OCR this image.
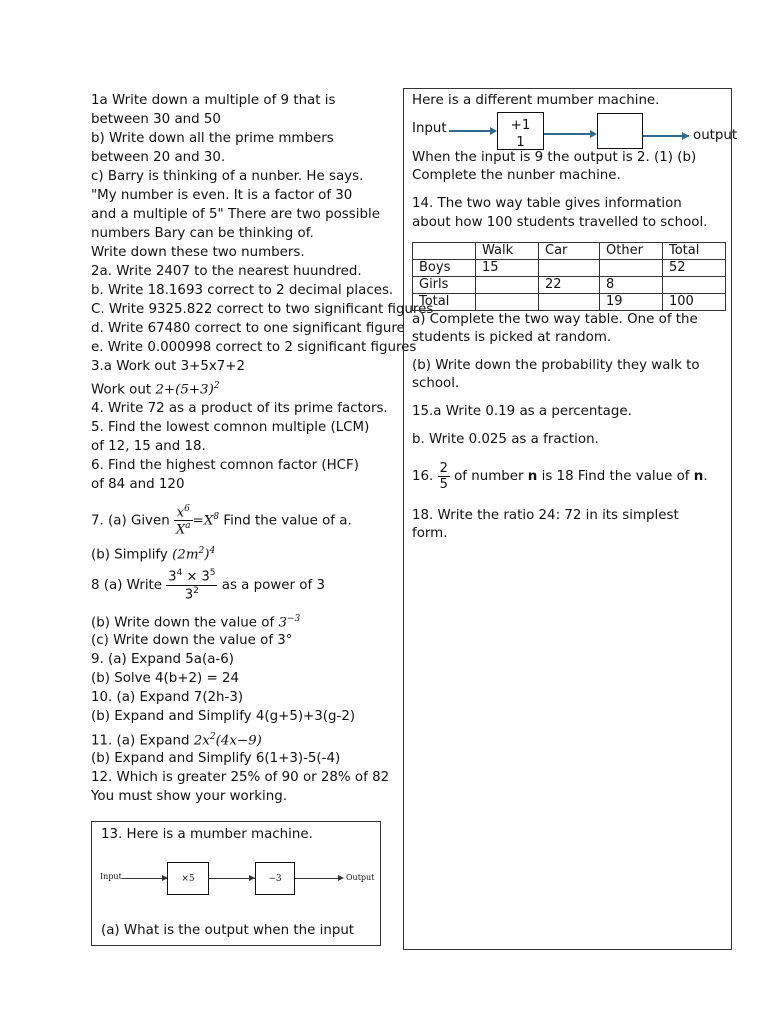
1a Write down a multiple of 9 that is
between 30 and 50
b) Write down all the prime mmbers
between 20 and 30.
c) Barry is thinking of a nunber. He says.
"My number is even. It is a factor of 30
and a multiple of 5" There are two possible
numbers Bary can be thinking of.
Write down these two numbers.
2a. Write 2407 to the nearest huundred.
b. Write 18.1693 correct to 2 decimal places.
C. Write 9325.822 correct to two significant figures
d. Write 67480 correct to one significant figure
e. Write 0.000998 correct to 2 significant figures
3.a Work out 3+5x7+2
Work out $2+(5+3)^2$
4. Write 72 as a product of its prime factors.
5. Find the lowest comnon multiple (LCM)
of 12, 15 and 18.
6. Find the highest comnon factor (HCF)
of 84 and 120
7. (a) Given $\frac{x^6}{X^a} =X^8$ Find the value of a.
(b) Simplify $(2m^2)^4$
8 (a) Write $\frac{3^4 \times 3^5}{3^2}$ as a power of 3
(b) Write down the value of $3^{-3}$
(c) Write down the value of 3°
9. (a) Expand 5a(a-6)
(b) Solve 4(b+2) = 24
10. (a) Expand 7(2h-3)
(b) Expand and Simplify 4(g+5)+3(g-2)
11. (a) Expand $2x^2(4x-9)$
(b) Expand and Simplify 6(1+3)-5(-4)
12. Which is greater 25% of 90 or 28% of 82
You must show your working.
13. Here is a mumber machine.
Input	×5	−3	Output
(a) What is the output when the input
Here is a different mumber machine.
Input	+1
1	output
When the input is 9 the output is 2. (1) (b)
Complete the nunber machine.
14. The two way table gives information
about how 100 students travelled to school.
	Walk	Car	Other	Total
Boys	15			52
Girls		22	8	
Total			19	100
a) Complete the two way table. One of the
students is picked at random.
(b) Write down the probability they walk to
school.
15.a Write 0.19 as a percentage.
b. Write 0.025 as a fraction.
16. $\frac{2}{5}$ of number n is 18 Find the value of n.
18. Write the ratio 24: 72 in its simplest
form.
